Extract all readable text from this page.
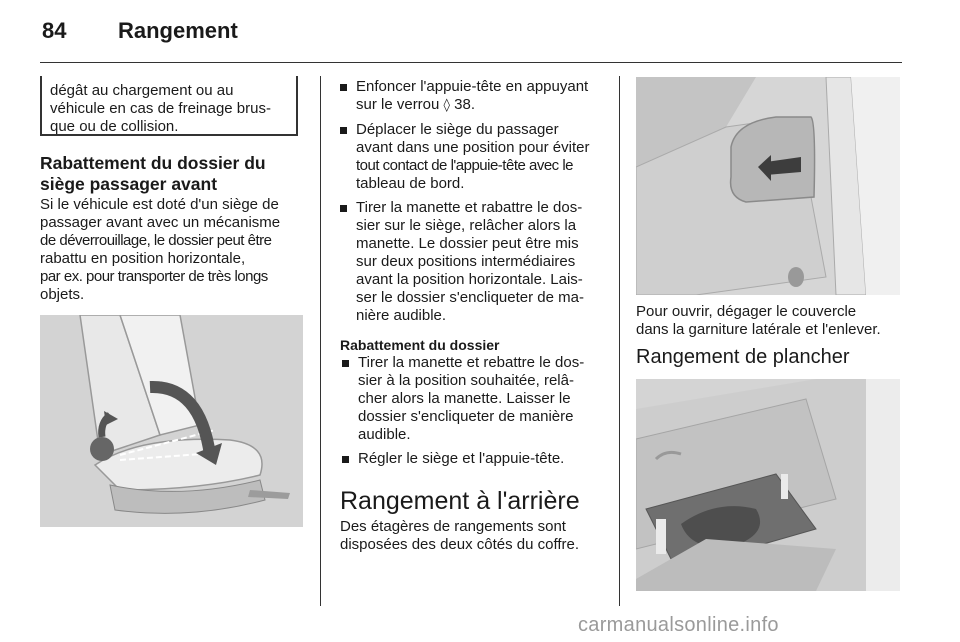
84 Rangement
dégât au chargement ou au
véhicule en cas de freinage brus-
que ou de collision.
Rabattement du dossier du
siège passager avant
Si le véhicule est doté d'un siège de
passager avant avec un mécanisme
de déverrouillage, le dossier peut être
rabattu en position horizontale,
par ex. pour transporter de très longs
objets.
Enfoncer l'appuie-tête en appuyant
sur le verrou ◊ 38.
Déplacer le siège du passager
avant dans une position pour éviter
tout contact de l'appuie-tête avec le
tableau de bord.
Tirer la manette et rabattre le dos-
sier sur le siège, relâcher alors la
manette. Le dossier peut être mis
sur deux positions intermédiaires
avant la position horizontale. Lais-
ser le dossier s'encliqueter de ma-
nière audible.
Rabattement du dossier
Tirer la manette et rebattre le dos-
sier à la position souhaitée, relâ-
cher alors la manette. Laisser le
dossier s'encliqueter de manière
audible.
Régler le siège et l'appuie-tête.
Rangement à l'arrière
Des étagères de rangements sont
disposées des deux côtés du coffre.
Pour ouvrir, dégager le couvercle
dans la garniture latérale et l'enlever.
Rangement de plancher
carmanualsonline.info
